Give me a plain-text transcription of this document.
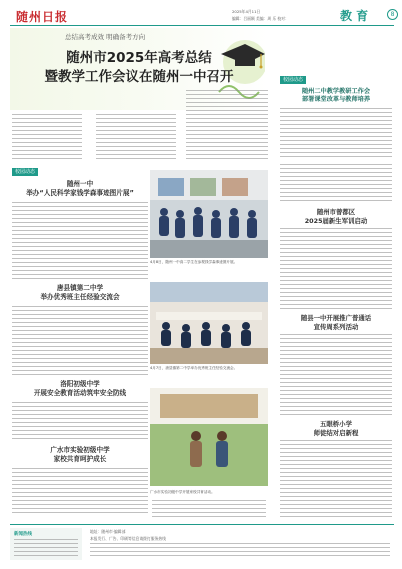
随州日报	2025年4月11日
编辑：吕丽颖 美编：周 乐 校对：	教 育	8
总结高考成效 明确备考方向
随州市2025年高考总结
暨教学工作会议在随州一中召开	校园动态
随州二中教学教研工作会
部署课堂改革与教师培养
校园动态
随州一中
举办“人民科学家钱学森事迹图片展”
4月8日，随州一中高二学生在参观钱学森事迹图片展。
唐县镇第二中学
举办优秀班主任经验交流会
4月7日，唐县镇第二中学举办优秀班主任经验交流会。
洛阳初级中学
开展安全教育活动筑牢安全防线
广水市实验初级中学
家校共育呵护成长
广水市实验初级中学开展家校共育活动。
随州市曾都区
2025届新生军训启动
随县一中开展推广普通话
宣传周系列活动
五眼桥小学
师徒结对启新程
新闻热线
地址：随州市·编辑部
本报发行、广告、印刷等信息请拨打服务热线
